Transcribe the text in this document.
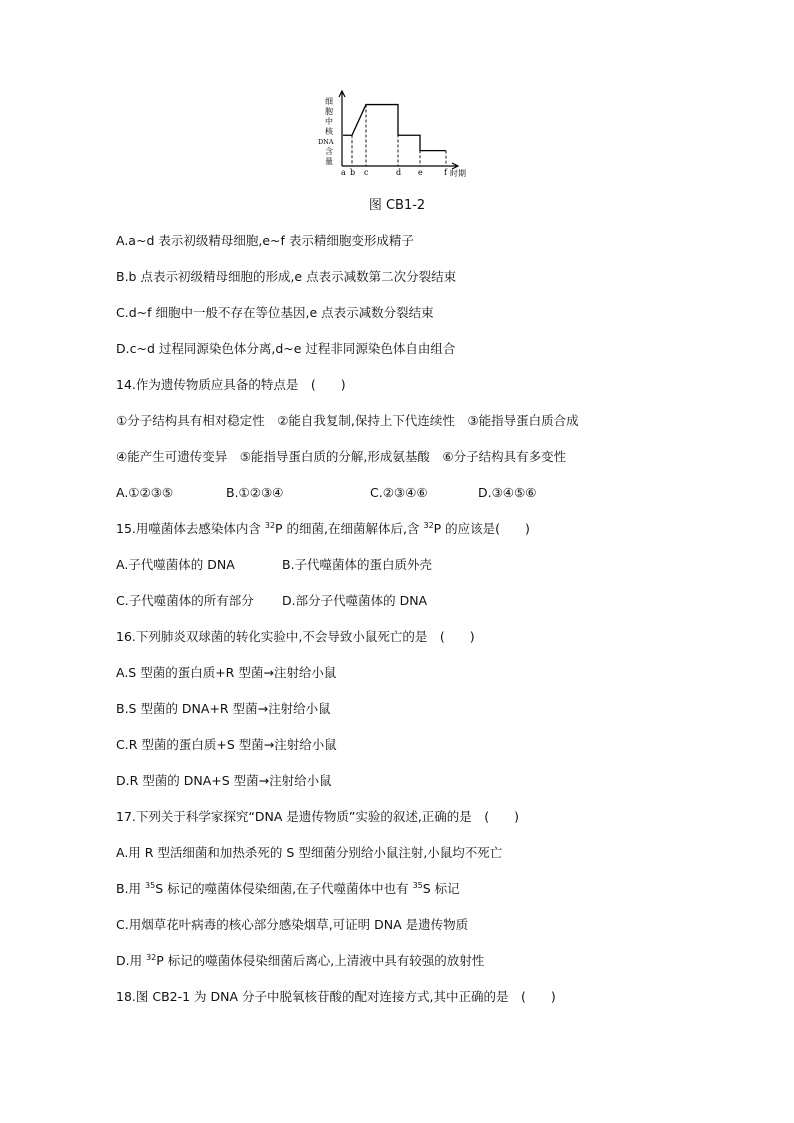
a b c	d e	f 时期
细
胞
中
核
DNA
含
量
图 CB1-2
A.a~d 表示初级精母细胞,e~f 表示精细胞变形成精子
B.b 点表示初级精母细胞的形成,e 点表示减数第二次分裂结束
C.d~f 细胞中一般不存在等位基因,e 点表示减数分裂结束
D.c~d 过程同源染色体分离,d~e 过程非同源染色体自由组合
14.作为遗传物质应具备的特点是　(　　)
①分子结构具有相对稳定性　②能自我复制,保持上下代连续性　③能指导蛋白质合成
④能产生可遗传变异　⑤能指导蛋白质的分解,形成氨基酸　⑥分子结构具有多变性
A.①②③⑤	B.①②③④	C.②③④⑥	D.③④⑤⑥
15.用噬菌体去感染体内含 $^{32}$P 的细菌,在细菌解体后,含 $^{32}$P 的应该是(　　)
A.子代噬菌体的 DNA	B.子代噬菌体的蛋白质外壳
C.子代噬菌体的所有部分 D.部分子代噬菌体的 DNA
16.下列肺炎双球菌的转化实验中,不会导致小鼠死亡的是　(　　)
A.S 型菌的蛋白质+R 型菌→注射给小鼠
B.S 型菌的 DNA+R 型菌→注射给小鼠
C.R 型菌的蛋白质+S 型菌→注射给小鼠
D.R 型菌的 DNA+S 型菌→注射给小鼠
17.下列关于科学家探究“DNA 是遗传物质”实验的叙述,正确的是　(　　)
A.用 R 型活细菌和加热杀死的 S 型细菌分别给小鼠注射,小鼠均不死亡
B.用 $^{35}$S 标记的噬菌体侵染细菌,在子代噬菌体中也有 $^{35}$S 标记
C.用烟草花叶病毒的核心部分感染烟草,可证明 DNA 是遗传物质
D.用 $^{32}$P 标记的噬菌体侵染细菌后离心,上清液中具有较强的放射性
18.图 CB2-1 为 DNA 分子中脱氧核苷酸的配对连接方式,其中正确的是　(　　)
